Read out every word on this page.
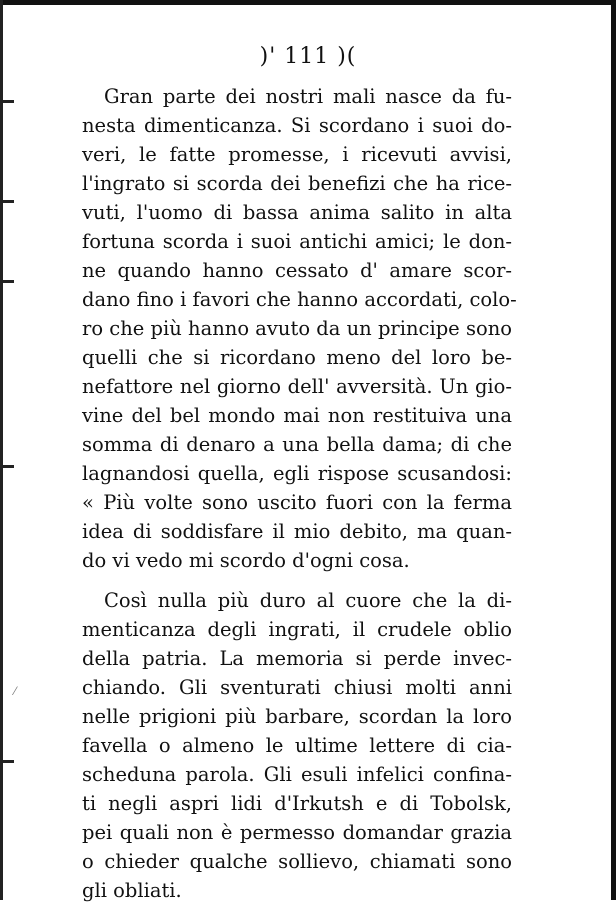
⁄

)' 111 )(

Gran parte dei nostri mali nasce da fu-
nesta dimenticanza. Si scordano i suoi do-
veri, le fatte promesse, i ricevuti avvisi,
l'ingrato si scorda dei benefizi che ha rice-
vuti, l'uomo di bassa anima salito in alta
fortuna scorda i suoi antichi amici; le don-
ne quando hanno cessato d' amare scor-
dano fino i favori che hanno accordati, colo-
ro che più hanno avuto da un principe sono
quelli che si ricordano meno del loro be-
nefattore nel giorno dell' avversità. Un gio-
vine del bel mondo mai non restituiva una
somma di denaro a una bella dama; di che
lagnandosi quella, egli rispose scusandosi:
« Più volte sono uscito fuori con la ferma
idea di soddisfare il mio debito, ma quan-
do vi vedo mi scordo d'ogni cosa.
Così nulla più duro al cuore che la di-
menticanza degli ingrati, il crudele oblio
della patria. La memoria si perde invec-
chiando. Gli sventurati chiusi molti anni
nelle prigioni più barbare, scordan la loro
favella o almeno le ultime lettere di cia-
scheduna parola. Gli esuli infelici confina-
ti negli aspri lidi d'Irkutsh e di Tobolsk,
pei quali non è permesso domandar grazia
o chieder qualche sollievo, chiamati sono
gli obliati.
